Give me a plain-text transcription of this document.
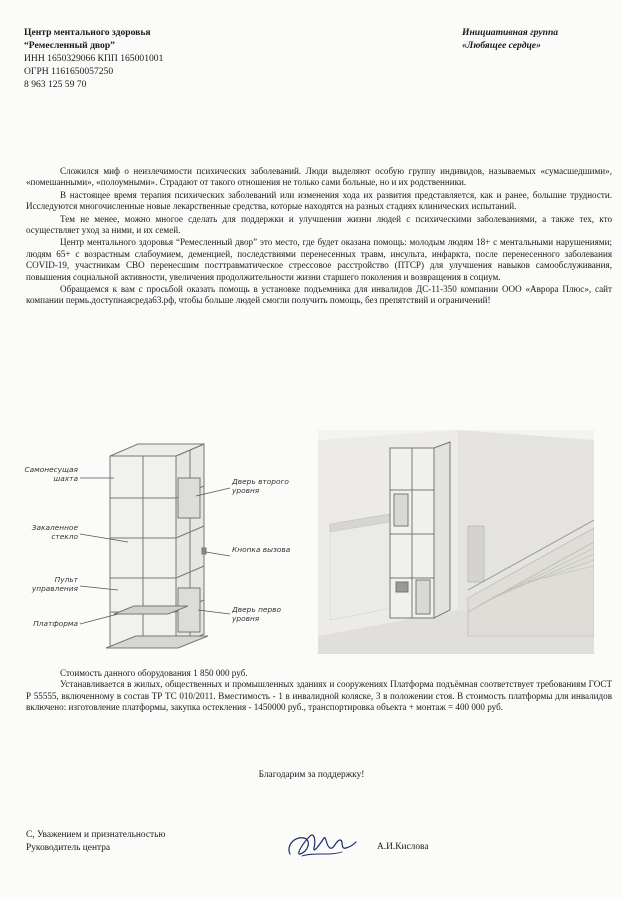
Центр ментального здоровья
“Ремесленный двор”
ИНН 1650329066 КПП 165001001
ОГРН 1161650057250
8 963 125 59 70
Инициативная группа
«Любящее сердце»

Сложился миф о неизлечимости психических заболеваний. Люди выделяют особую группу индивидов, называемых «сумасшедшими», «помешанными», «полоумными». Страдают от такого отношения не только сами больные, но и их родственники.

В настоящее время терапия психических заболеваний или изменения хода их развития представляется, как и ранее, большие трудности. Исследуются многочисленные новые лекарственные средства, которые находятся на разных стадиях клинических испытаний.

Тем не менее, можно многое сделать для поддержки и улучшения жизни людей с психическими заболеваниями, а также тех, кто осуществляет уход за ними, и их семей.

Центр ментального здоровья “Ремесленный двор” это место, где будет оказана помощь: молодым людям 18+ с ментальными нарушениями; людям 65+ с возрастным слабоумием, деменцией, последствиями перенесенных травм, инсульта, инфаркта, после перенесенного заболевания COVID-19, участникам СВО перенесшим посттравматическое стрессовое расстройство (ПТСР) для улучшения навыков самообслуживания, повышения социальной активности, увеличения продолжительности жизни старшего поколения и возвращения в социум.

Обращаемся к вам с просьбой оказать помощь в установке подъемника для инвалидов ДС-11-350 компании ООО «Аврора Плюс», сайт компании пермь.доступнаясреда63.рф, чтобы больше людей смогли получить помощь, без препятствий и ограничений!

Самонесущая шахта
Закаленное стекло
Пульт управления
Платформа
Дверь второго уровня
Кнопка вызова
Дверь перво уровня

Стоимость данного оборудования 1 850 000 руб.

Устанавливается в жилых, общественных и промышленных зданиях и сооружениях Платформа подъёмная соответствует требованиям ГОСТ Р 55555, включенному в состав ТР ТС 010/2011. Вместимость - 1 в инвалидной коляске, 3 в положении стоя. В стоимость платформы для инвалидов включено: изготовление платформы, закупка остекления - 1450000 руб., транспортировка объекта + монтаж = 400 000 руб.

Благодарим за поддержку!
С, Уважением и признательностью
Руководитель центра	А.И.Кислова
